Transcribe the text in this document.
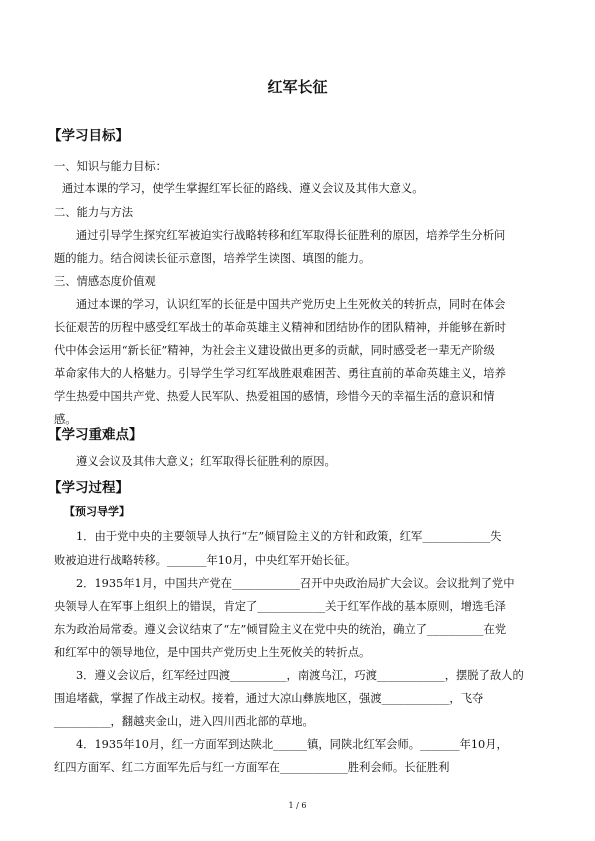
红军长征
【学习目标】
一、知识与能力目标：
通过本课的学习，使学生掌握红军长征的路线、遵义会议及其伟大意义。
二、能力与方法
通过引导学生探究红军被迫实行战略转移和红军取得长征胜利的原因，培养学生分析问
题的能力。结合阅读长征示意图，培养学生读图、填图的能力。
三、情感态度价值观
通过本课的学习，认识红军的长征是中国共产党历史上生死攸关的转折点，同时在体会
长征艰苦的历程中感受红军战士的革命英雄主义精神和团结协作的团队精神，并能够在新时
代中体会运用“新长征”精神，为社会主义建设做出更多的贡献，同时感受老一辈无产阶级
革命家伟大的人格魅力。引导学生学习红军战胜艰难困苦、勇往直前的革命英雄主义，培养
学生热爱中国共产党、热爱人民军队、热爱祖国的感情，珍惜今天的幸福生活的意识和情
感。
【学习重难点】
遵义会议及其伟大意义；红军取得长征胜利的原因。
【学习过程】
【预习导学】
1．由于党中央的主要领导人执行“左”倾冒险主义的方针和政策，红军____________失
败被迫进行战略转移。_______年10月，中央红军开始长征。
2．1935年1月，中国共产党在____________召开中央政治局扩大会议。会议批判了党中
央领导人在军事上组织上的错误，肯定了____________关于红军作战的基本原则，增选毛泽
东为政治局常委。遵义会议结束了“左”倾冒险主义在党中央的统治，确立了__________在党
和红军中的领导地位，是中国共产党历史上生死攸关的转折点。
3．遵义会议后，红军经过四渡__________，南渡乌江，巧渡____________，摆脱了敌人的
围追堵截，掌握了作战主动权。接着，通过大凉山彝族地区，强渡____________，飞夺
__________，翻越夹金山，进入四川西北部的草地。
4．1935年10月，红一方面军到达陕北______镇，同陕北红军会师。_______年10月，
红四方面军、红二方面军先后与红一方面军在____________胜利会师。长征胜利
1 / 6
